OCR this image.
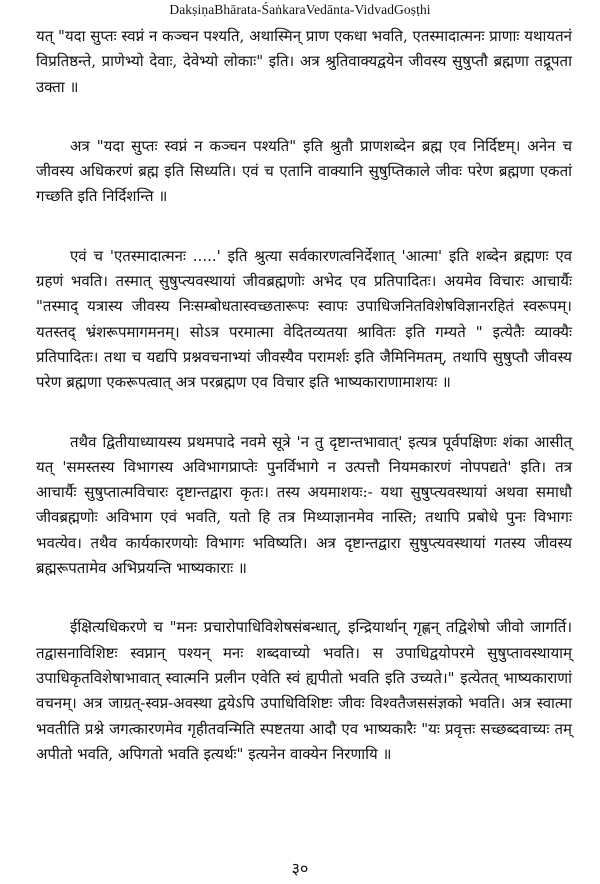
DakṣiṇaBhārata-ŚaṅkaraVedānta-VidvadGoṣṭhi

यत् "यदा सुप्तः स्वप्नं न कञ्चन पश्यति, अथास्मिन् प्राण एकधा भवति, एतस्मादात्मनः प्राणाः यथायतनं विप्रतिष्ठन्ते, प्राणेभ्यो देवाः, देवेभ्यो लोकाः" इति। अत्र श्रुतिवाक्यद्वयेन जीवस्य सुषुप्तौ ब्रह्मणा तद्रूपता उक्ता ॥

अत्र "यदा सुप्तः स्वप्नं न कञ्चन पश्यति" इति श्रुतौ प्राणशब्देन ब्रह्म एव निर्दिष्टम्। अनेन च जीवस्य अधिकरणं ब्रह्म इति सिध्यति। एवं च एतानि वाक्यानि सुषुप्तिकाले जीवः परेण ब्रह्मणा एकतां गच्छति इति निर्दिशन्ति ॥

एवं च 'एतस्मादात्मनः .....' इति श्रुत्या सर्वकारणत्वनिर्देशात् 'आत्मा' इति शब्देन ब्रह्मणः एव ग्रहणं भवति। तस्मात् सुषुप्त्यवस्थायां जीवब्रह्मणोः अभेद एव प्रतिपादितः। अयमेव विचारः आचार्यैः "तस्माद् यत्रास्य जीवस्य निःसम्बोधतास्वच्छतारूपः स्वापः उपाधिजनितविशेषविज्ञानरहितं स्वरूपम्। यतस्तद् भ्रंशरूपमागमनम्। सोऽत्र परमात्मा वेदितव्यतया श्रावितः इति गम्यते " इत्येतैः व्याक्यैः प्रतिपादितः। तथा च यद्यपि प्रश्नवचनाभ्यां जीवस्यैव परामर्शः इति जैमिनिमतम्, तथापि सुषुप्तौ जीवस्य परेण ब्रह्मणा एकरूपत्वात् अत्र परब्रह्मण एव विचार इति भाष्यकाराणामाशयः ॥

तथैव द्वितीयाध्यायस्य प्रथमपादे नवमे सूत्रे 'न तु दृष्टान्तभावात्' इत्यत्र पूर्वपक्षिणः शंका आसीत् यत् 'समस्तस्य विभागस्य अविभागप्राप्तेः पुनर्विभागे न उत्पत्तौ नियमकारणं नोपपद्यते' इति। तत्र आचार्यैः सुषुप्तात्मविचारः दृष्टान्तद्वारा कृतः। तस्य अयमाशयः:- यथा सुषुप्त्यवस्थायां अथवा समाधौ जीवब्रह्मणोः अविभाग एवं भवति, यतो हि तत्र मिथ्याज्ञानमेव नास्ति; तथापि प्रबोधे पुनः विभागः भवत्येव। तथैव कार्यकारणयोः विभागः भविष्यति। अत्र दृष्टान्तद्वारा सुषुप्त्यवस्थायां गतस्य जीवस्य ब्रह्मरूपतामेव अभिप्रयन्ति भाष्यकाराः ॥

ईक्षित्यधिकरणे च "मनः प्रचारोपाधिविशेषसंबन्धात्, इन्द्रियार्थान् गृह्णन् तद्विशेषो जीवो जागर्ति। तद्वासनाविशिष्टः स्वप्नान् पश्यन् मनः शब्दवाच्यो भवति। स उपाधिद्वयोपरमे सुषुप्तावस्थायाम् उपाधिकृतविशेषाभावात् स्वात्मनि प्रलीन एवेति स्वं ह्यपीतो भवति इति उच्यते।" इत्येतत् भाष्यकाराणां वचनम्। अत्र जाग्रत्-स्वप्न-अवस्था द्वयेऽपि उपाधिविशिष्टः जीवः विश्वतैजससंज्ञको भवति। अत्र स्वात्मा भवतीति प्रश्ने जगत्कारणमेव गृहीतवन्मिति स्पष्टतया आदौ एव भाष्यकारैः "यः प्रवृत्तः सच्छब्दवाच्यः तम् अपीतो भवति, अपिगतो भवति इत्यर्थः" इत्यनेन वाक्येन निरणायि ॥

३०
